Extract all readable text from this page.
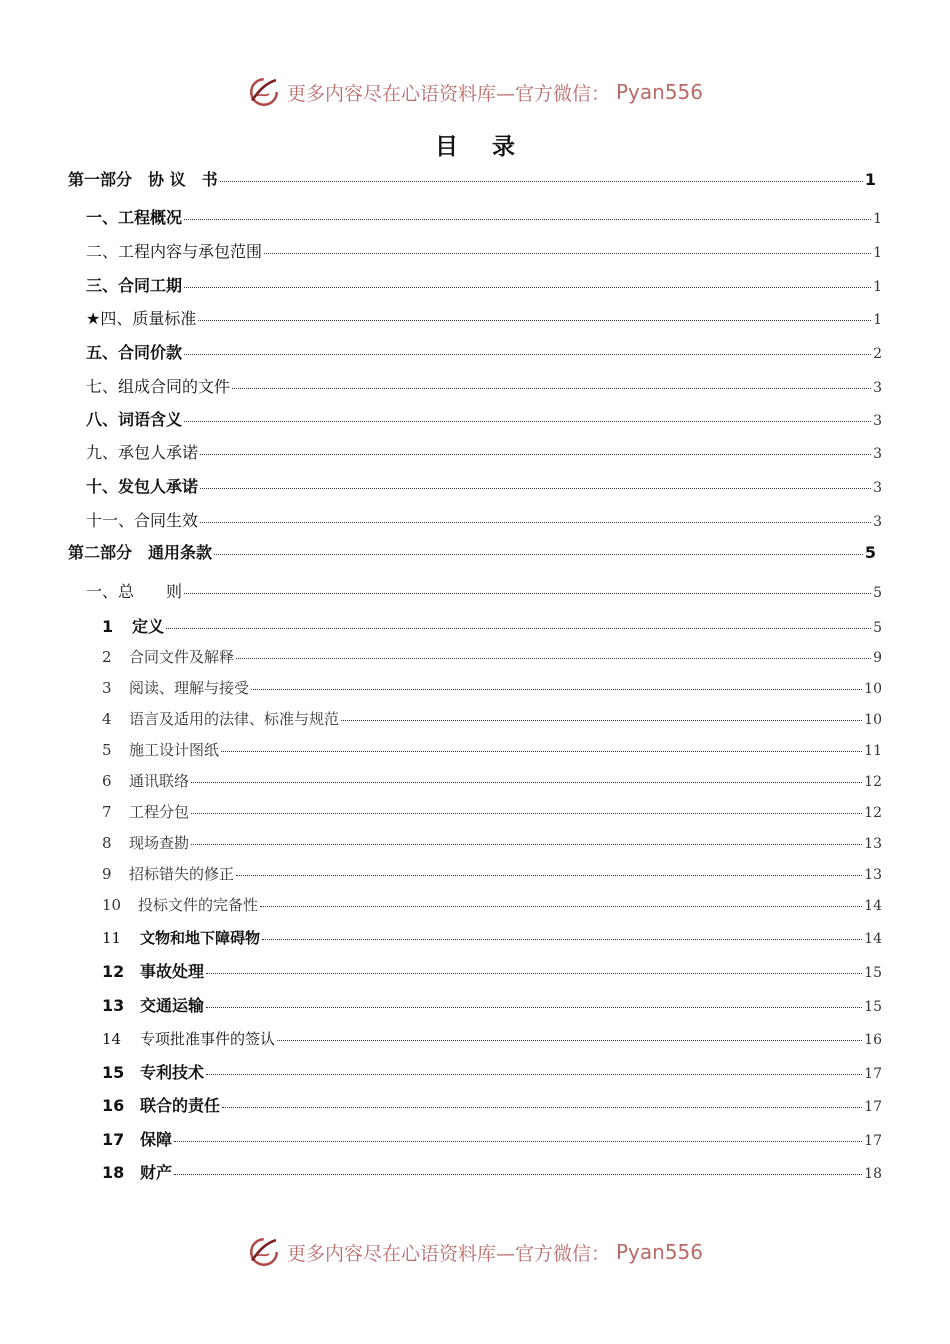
更多内容尽在心语资料库—官方微信： Pyan556
目录
第一部分　协 议　书	1
一、工程概况	1
二、工程内容与承包范围	1
三、合同工期	1
★四、质量标准	1
五、合同价款	2
七、组成合同的文件	3
八、词语含义	3
九、承包人承诺	3
十、发包人承诺	3
十一、合同生效	3
第二部分　通用条款	5
一、总　　则	5
1 定义	5
2 合同文件及解释	9
3 阅读、理解与接受	10
4 语言及适用的法律、标准与规范	10
5 施工设计图纸	11
6 通讯联络	12
7 工程分包	12
8 现场查勘	13
9 招标错失的修正	13
10 投标文件的完备性	14
11 文物和地下障碍物	14
12 事故处理	15
13 交通运输	15
14 专项批准事件的签认	16
15 专利技术	17
16 联合的责任	17
17 保障	17
18 财产	18
更多内容尽在心语资料库—官方微信： Pyan556
